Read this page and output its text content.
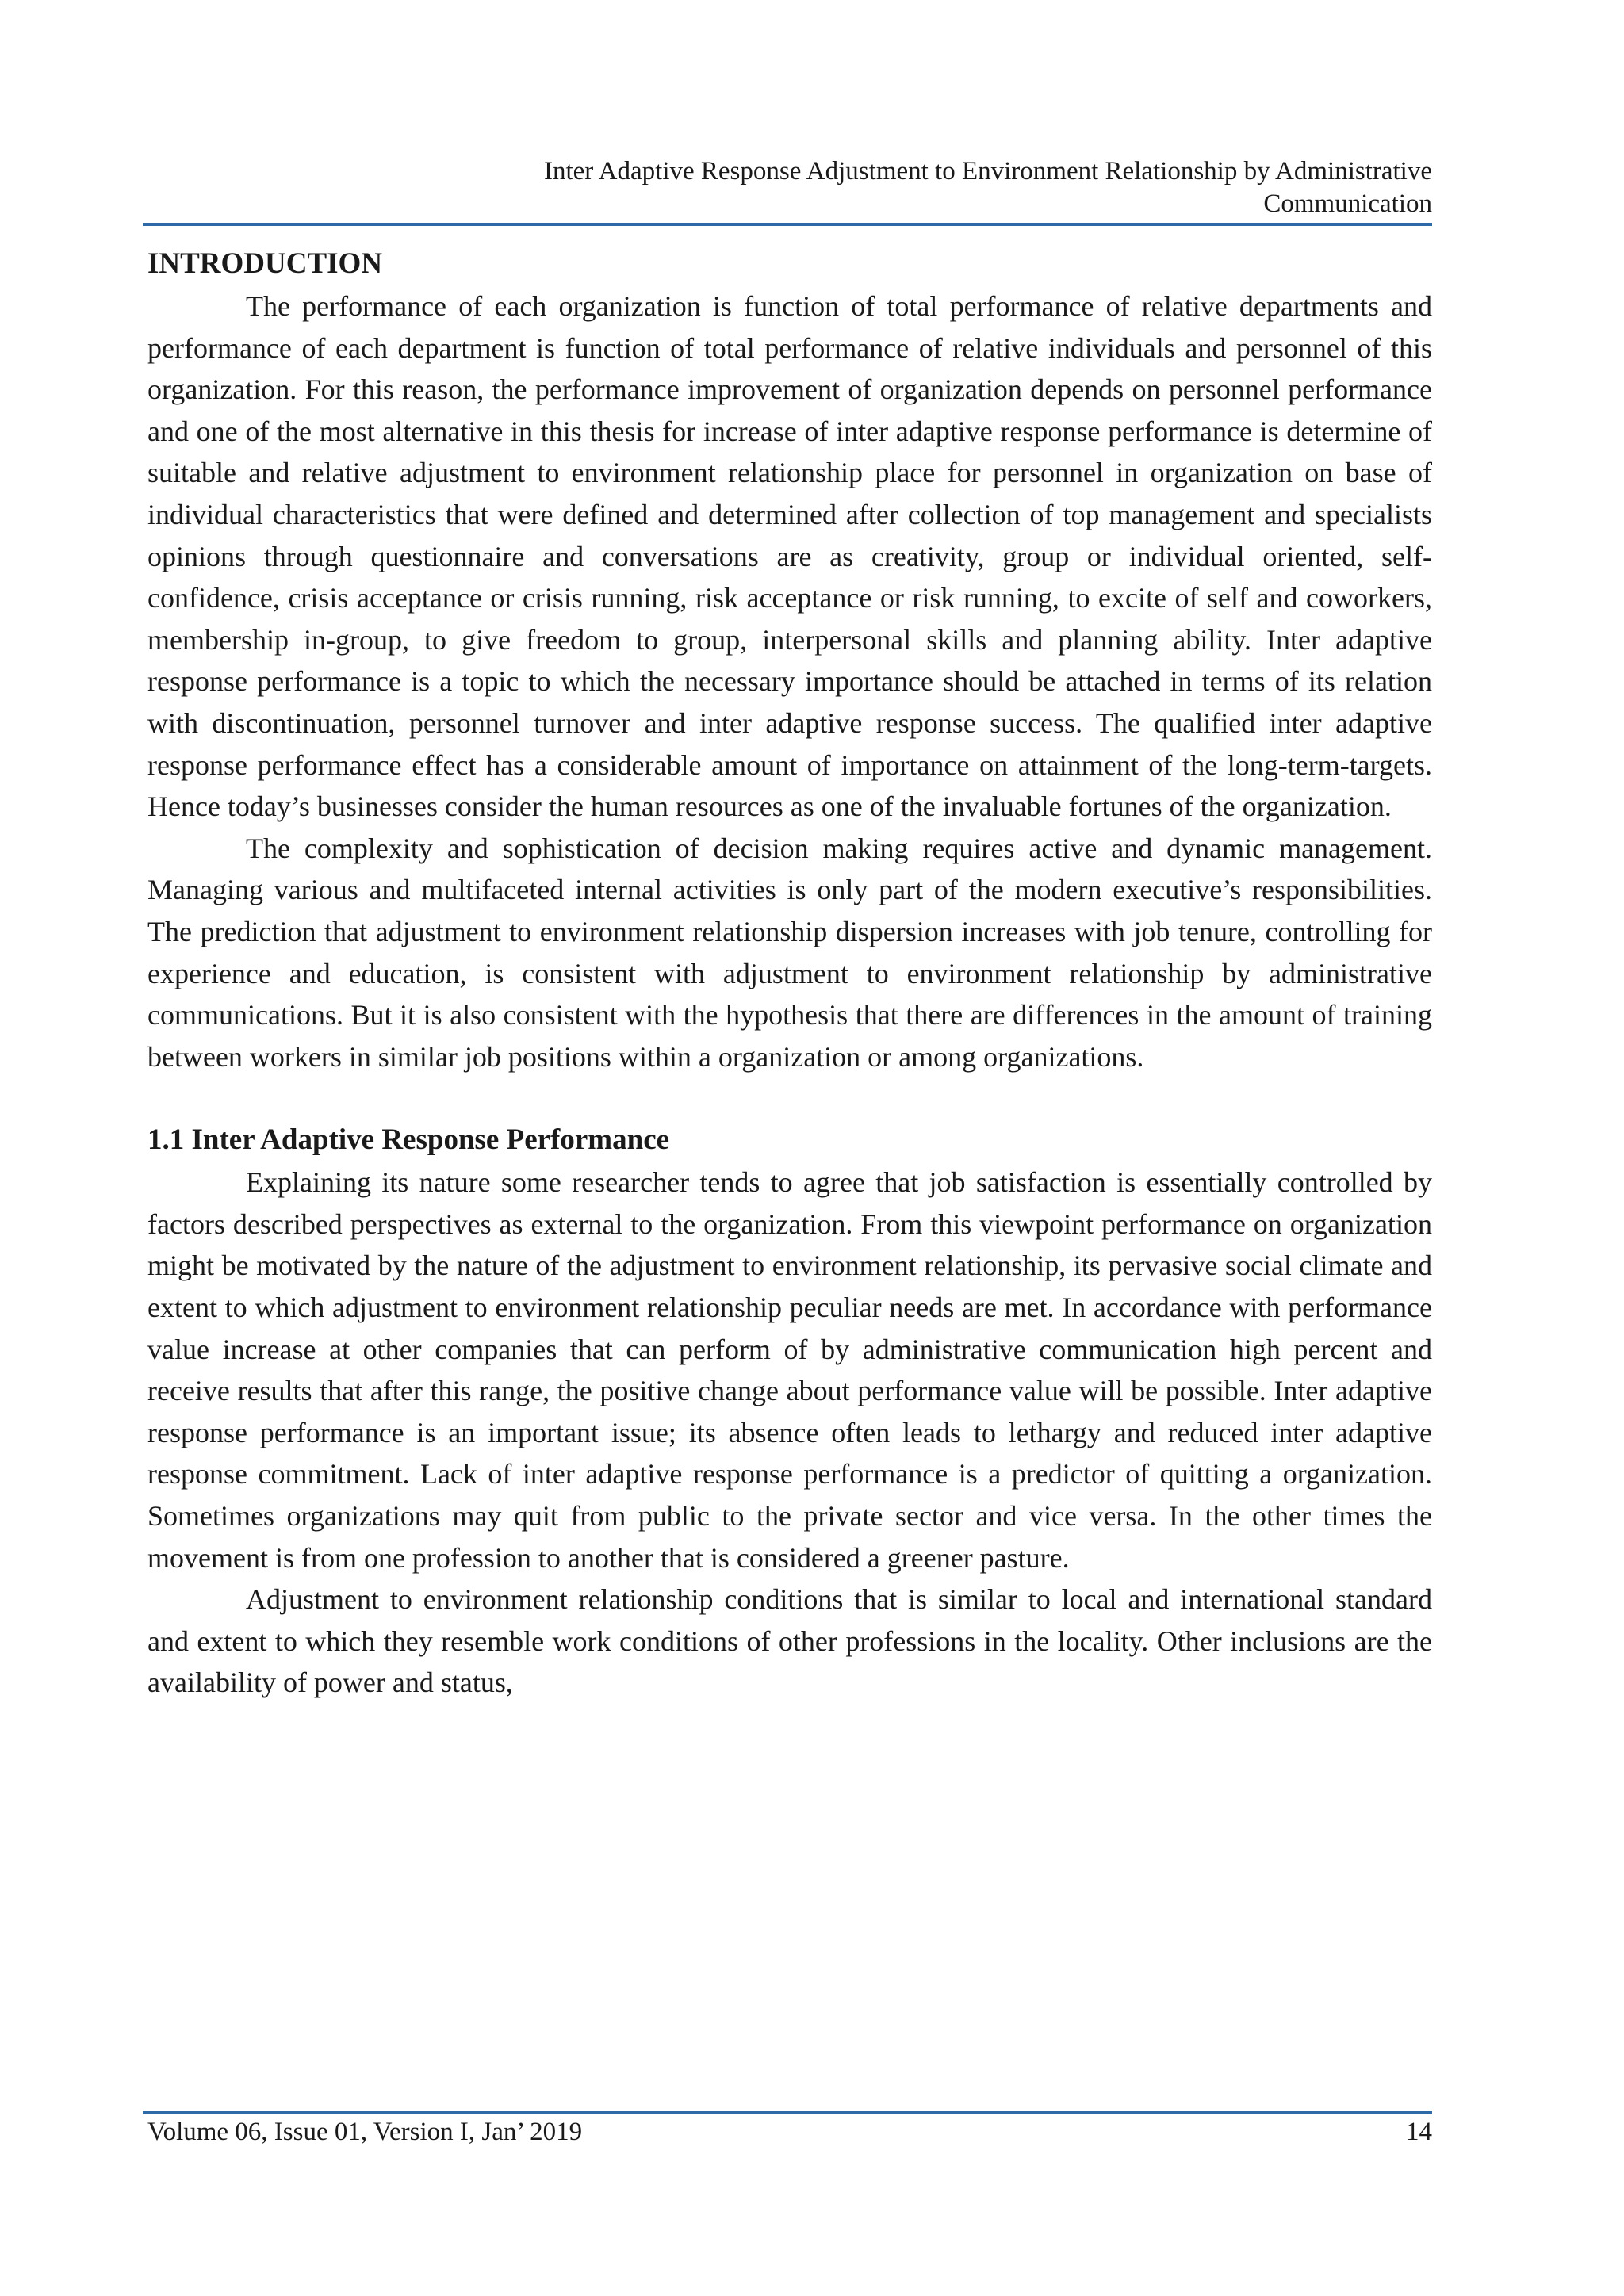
Inter Adaptive Response Adjustment to Environment Relationship by Administrative
Communication
INTRODUCTION

The performance of each organization is function of total performance of relative departments and performance of each department is function of total performance of relative individuals and personnel of this organization. For this reason, the performance improvement of organization depends on personnel performance and one of the most alternative in this thesis for increase of inter adaptive response performance is determine of suitable and relative adjustment to environment relationship place for personnel in organization on base of individual characteristics that were defined and determined after collection of top management and specialists opinions through questionnaire and conversations are as creativity, group or individual oriented, self-confidence, crisis acceptance or crisis running, risk acceptance or risk running, to excite of self and coworkers, membership in-group, to give freedom to group, interpersonal skills and planning ability. Inter adaptive response performance is a topic to which the necessary importance should be attached in terms of its relation with discontinuation, personnel turnover and inter adaptive response success. The qualified inter adaptive response performance effect has a considerable amount of importance on attainment of the long-term-targets. Hence today’s businesses consider the human resources as one of the invaluable fortunes of the organization.

The complexity and sophistication of decision making requires active and dynamic management. Managing various and multifaceted internal activities is only part of the modern executive’s responsibilities. The prediction that adjustment to environment relationship dispersion increases with job tenure, controlling for experience and education, is consistent with adjustment to environment relationship by administrative communications. But it is also consistent with the hypothesis that there are differences in the amount of training between workers in similar job positions within a organization or among organizations.

1.1 Inter Adaptive Response Performance

Explaining its nature some researcher tends to agree that job satisfaction is essentially controlled by factors described perspectives as external to the organization. From this viewpoint performance on organization might be motivated by the nature of the adjustment to environment relationship, its pervasive social climate and extent to which adjustment to environment relationship peculiar needs are met. In accordance with performance value increase at other companies that can perform of by administrative communication high percent and receive results that after this range, the positive change about performance value will be possible. Inter adaptive response performance is an important issue; its absence often leads to lethargy and reduced inter adaptive response commitment. Lack of inter adaptive response performance is a predictor of quitting a organization. Sometimes organizations may quit from public to the private sector and vice versa. In the other times the movement is from one profession to another that is considered a greener pasture.

Adjustment to environment relationship conditions that is similar to local and international standard and extent to which they resemble work conditions of other professions in the locality. Other inclusions are the availability of power and status,

Volume 06, Issue 01, Version I, Jan’ 2019	14
